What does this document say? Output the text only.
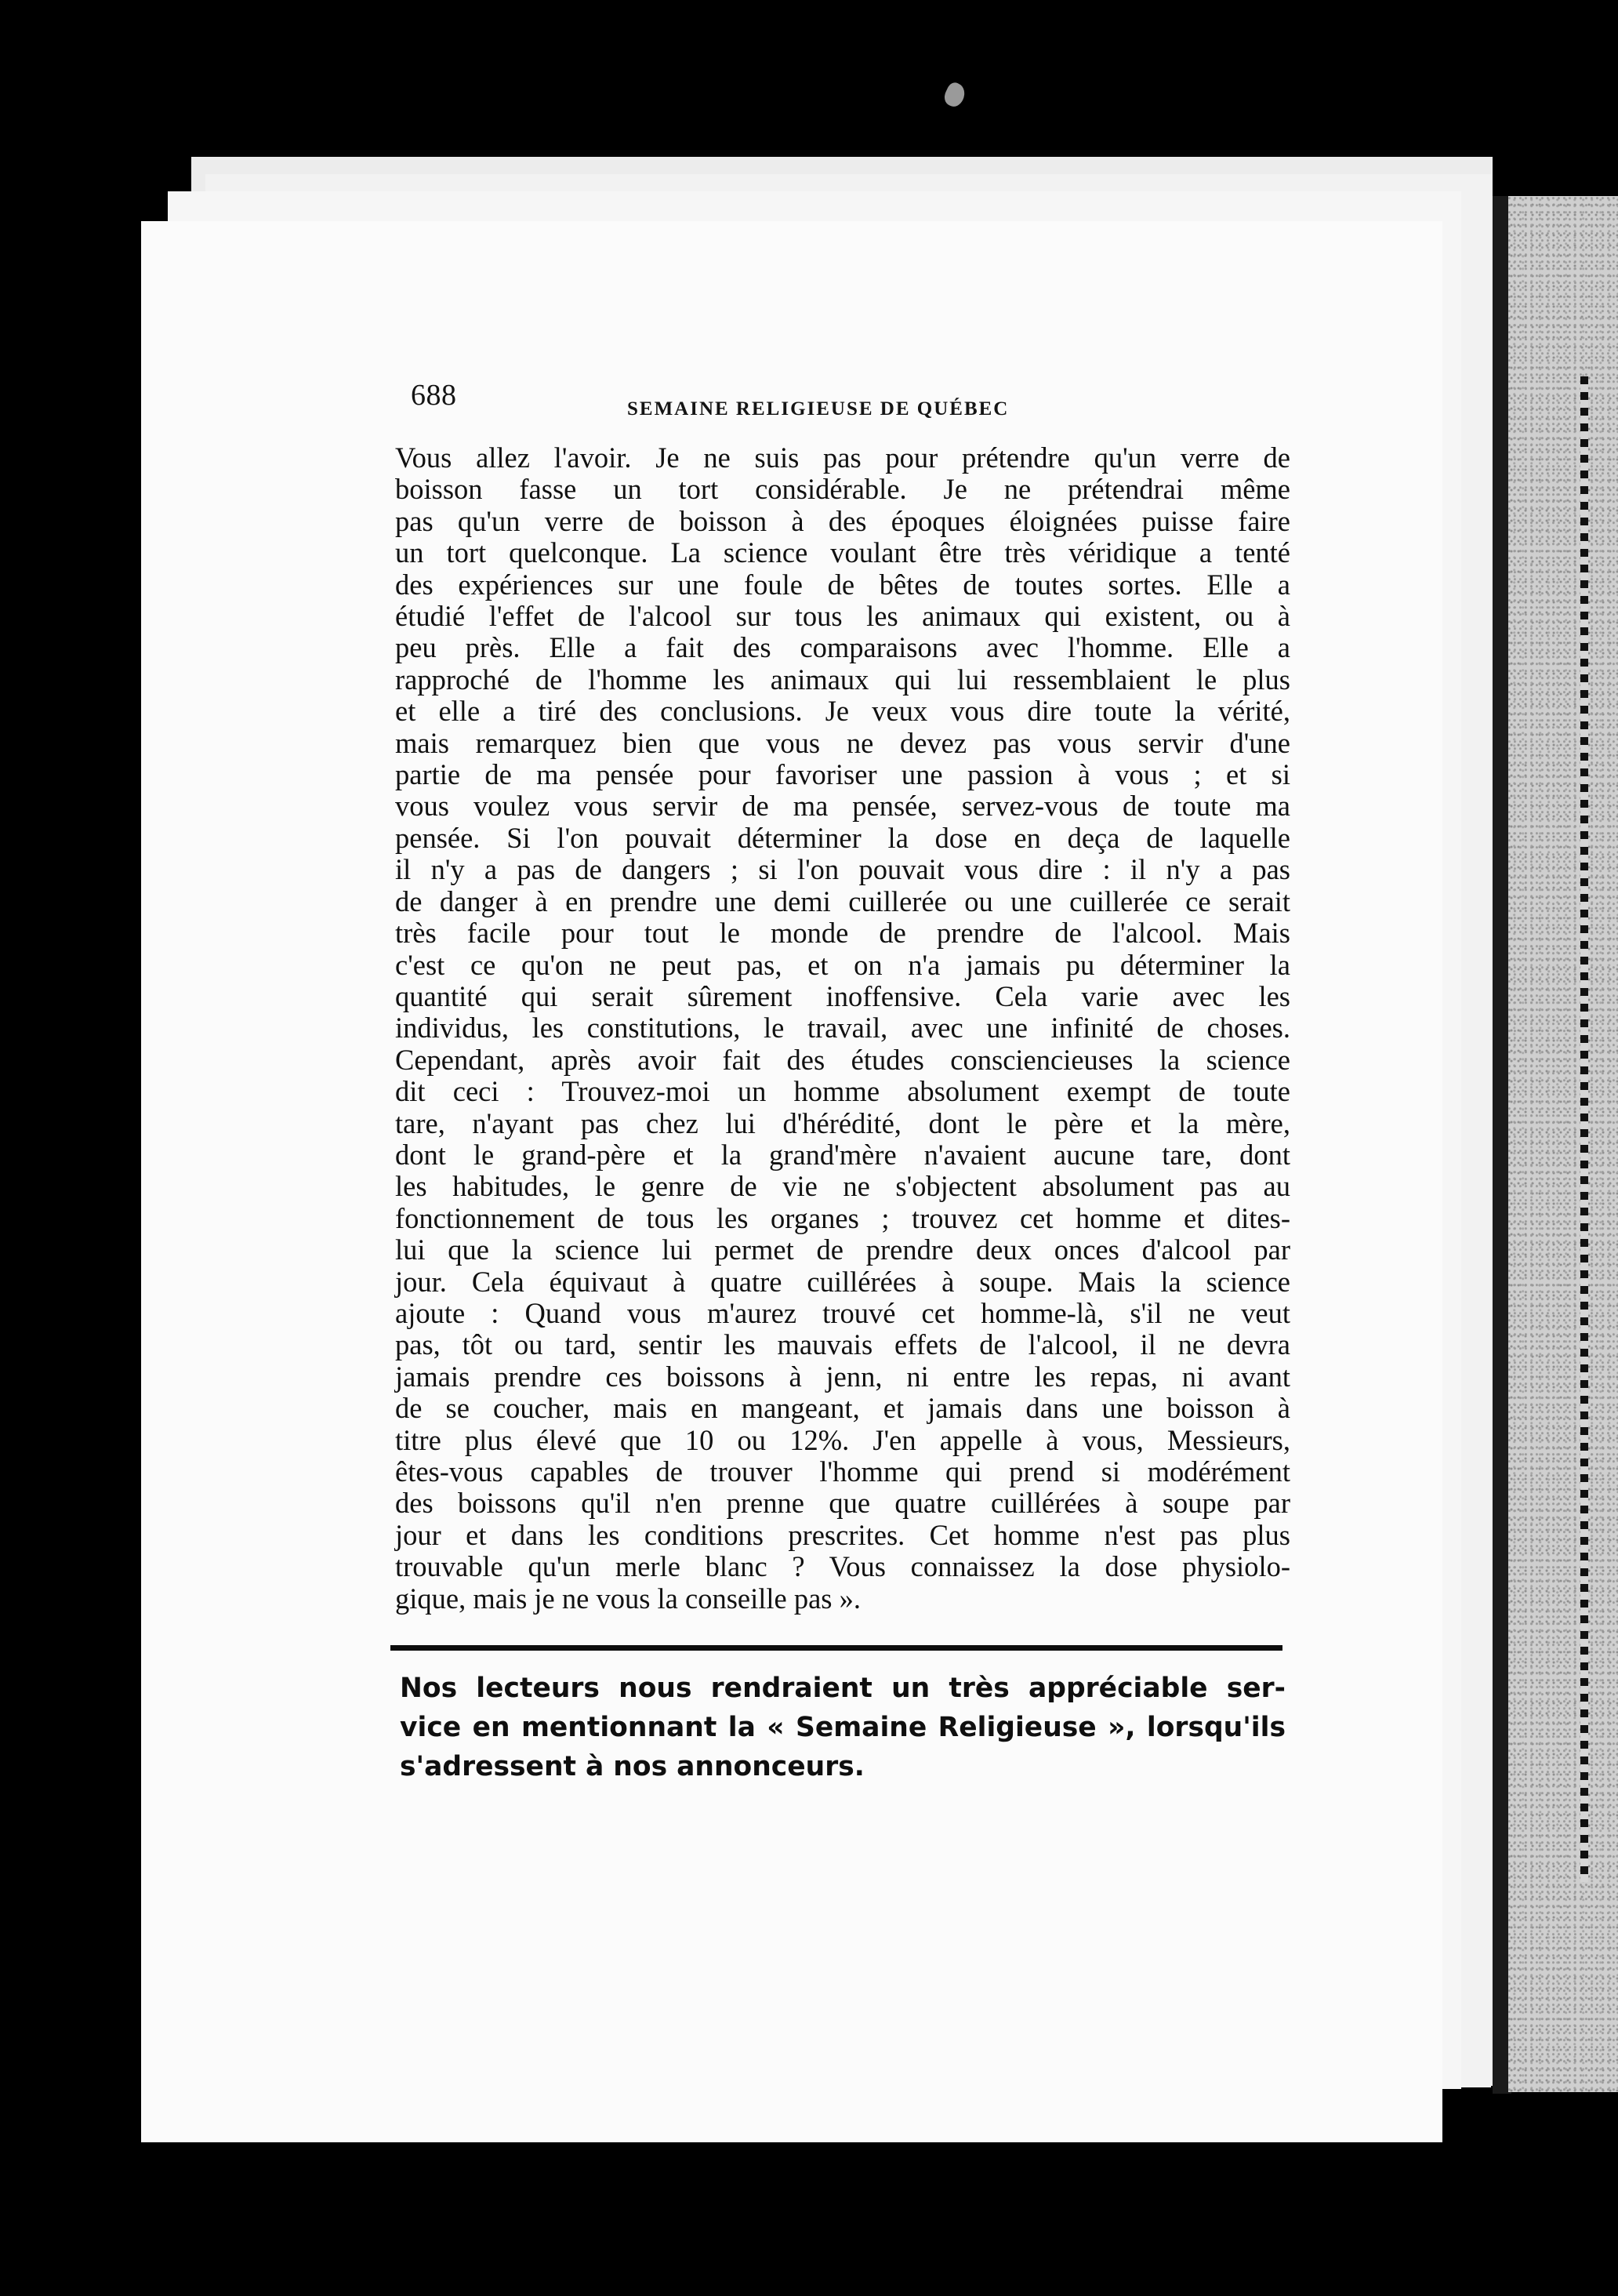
688	SEMAINE RELIGIEUSE DE QUÉBEC
Vous allez l'avoir. Je ne suis pas pour prétendre qu'un verre de
boisson fasse un tort considérable. Je ne prétendrai même
pas qu'un verre de boisson à des époques éloignées puisse faire
un tort quelconque. La science voulant être très véridique a tenté
des expériences sur une foule de bêtes de toutes sortes. Elle a
étudié l'effet de l'alcool sur tous les animaux qui existent, ou à
peu près. Elle a fait des comparaisons avec l'homme. Elle a
rapproché de l'homme les animaux qui lui ressemblaient le plus
et elle a tiré des conclusions. Je veux vous dire toute la vérité,
mais remarquez bien que vous ne devez pas vous servir d'une
partie de ma pensée pour favoriser une passion à vous ; et si
vous voulez vous servir de ma pensée, servez-vous de toute ma
pensée. Si l'on pouvait déterminer la dose en deça de laquelle
il n'y a pas de dangers ; si l'on pouvait vous dire : il n'y a pas
de danger à en prendre une demi cuillerée ou une cuillerée ce serait
très facile pour tout le monde de prendre de l'alcool. Mais
c'est ce qu'on ne peut pas, et on n'a jamais pu déterminer la
quantité qui serait sûrement inoffensive. Cela varie avec les
individus, les constitutions, le travail, avec une infinité de choses.
Cependant, après avoir fait des études consciencieuses la science
dit ceci : Trouvez-moi un homme absolument exempt de toute
tare, n'ayant pas chez lui d'hérédité, dont le père et la mère,
dont le grand-père et la grand'mère n'avaient aucune tare, dont
les habitudes, le genre de vie ne s'objectent absolument pas au
fonctionnement de tous les organes ; trouvez cet homme et dites-
lui que la science lui permet de prendre deux onces d'alcool par
jour. Cela équivaut à quatre cuillérées à soupe. Mais la science
ajoute : Quand vous m'aurez trouvé cet homme-là, s'il ne veut
pas, tôt ou tard, sentir les mauvais effets de l'alcool, il ne devra
jamais prendre ces boissons à jenn, ni entre les repas, ni avant
de se coucher, mais en mangeant, et jamais dans une boisson à
titre plus élevé que 10 ou 12%. J'en appelle à vous, Messieurs,
êtes-vous capables de trouver l'homme qui prend si modérément
des boissons qu'il n'en prenne que quatre cuillérées à soupe par
jour et dans les conditions prescrites. Cet homme n'est pas plus
trouvable qu'un merle blanc ? Vous connaissez la dose physiolo-
gique, mais je ne vous la conseille pas ».
Nos lecteurs nous rendraient un très appréciable ser-
vice en mentionnant la « Semaine Religieuse », lorsqu'ils
s'adressent à nos annonceurs.
